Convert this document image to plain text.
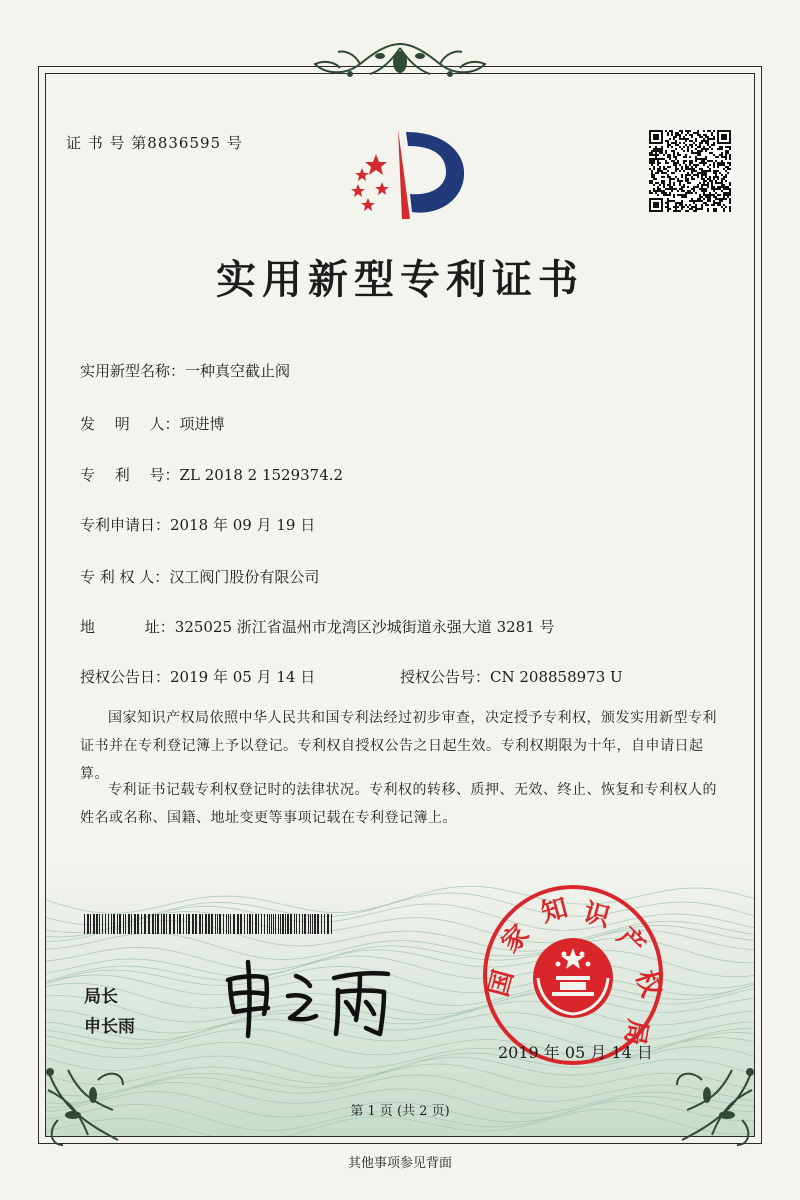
证 书 号 第8836595 号
实用新型专利证书
实用新型名称：一种真空截止阀
发　 明　 人：项进博
专　 利　 号：ZL 2018 2 1529374.2
专利申请日：2018 年 09 月 19 日
专 利 权 人：汉工阀门股份有限公司
地　　　 址：325025 浙江省温州市龙湾区沙城街道永强大道 3281 号
授权公告日：2019 年 05 月 14 日	授权公告号：CN 208858973 U
国家知识产权局依照中华人民共和国专利法经过初步审查，决定授予专利权，颁发实用新型专利证书并在专利登记簿上予以登记。专利权自授权公告之日起生效。专利权期限为十年，自申请日起算。
专利证书记载专利权登记时的法律状况。专利权的转移、质押、无效、终止、恢复和专利权人的姓名或名称、国籍、地址变更等事项记载在专利登记簿上。
局长
申长雨
国
家
知 识
产
权
局
2019 年 05 月 14 日
第 1 页 (共 2 页)
其他事项参见背面
